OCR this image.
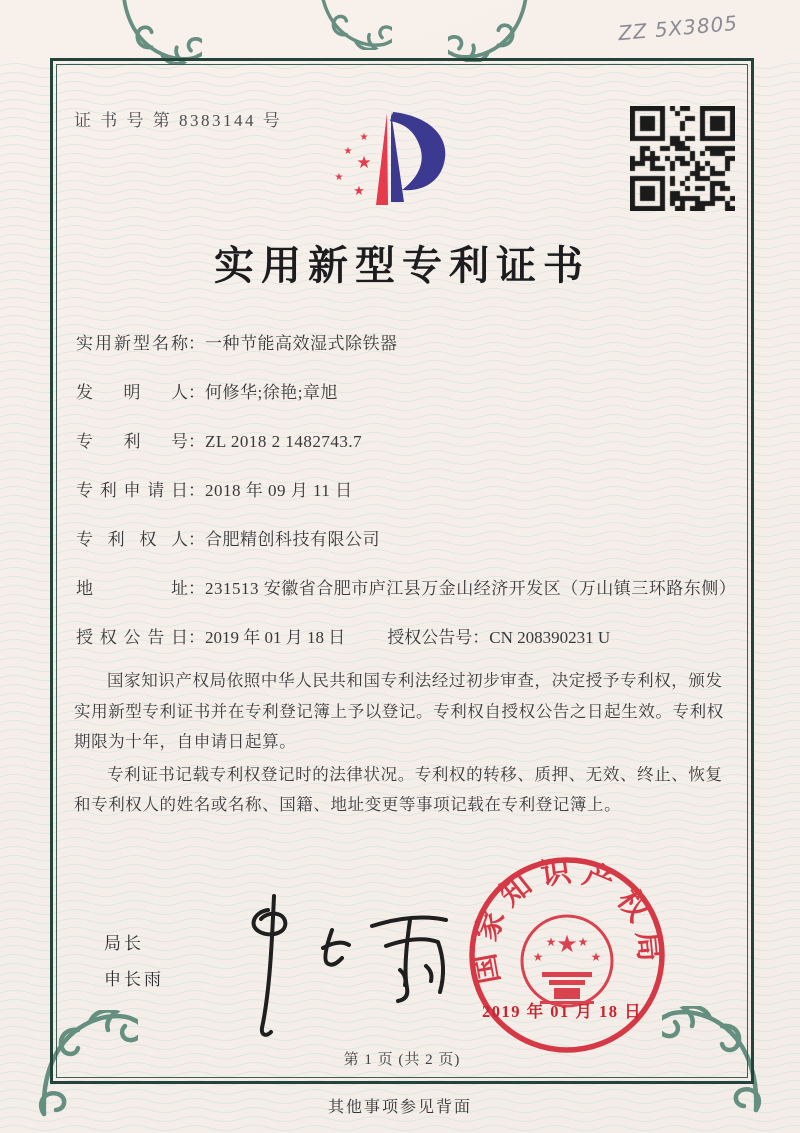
ZZ 5X3805
证 书 号 第 8383144 号
★
★
★
★
★
实用新型专利证书
实用新型名称 ： 一种节能高效湿式除铁器
发明人 ： 何修华;徐艳;章旭
专利号 ： ZL 2018 2 1482743.7
专利申请日 ： 2018 年 09 月 11 日
专利权人 ： 合肥精创科技有限公司
地址 ： 231513 安徽省合肥市庐江县万金山经济开发区（万山镇三环路东侧）
授权公告日 ： 2019 年 01 月 18 日 授权公告号 ： CN 208390231 U

国家知识产权局依照中华人民共和国专利法经过初步审查，决定授予专利权，颁发实用新型专利证书并在专利登记簿上予以登记。专利权自授权公告之日起生效。专利权期限为十年，自申请日起算。

专利证书记载专利权登记时的法律状况。专利权的转移、质押、无效、终止、恢复和专利权人的姓名或名称、国籍、地址变更等事项记载在专利登记簿上。

局长
申长雨	国家知识产权局
★
★
★ ★
★
2019 年 01 月 18 日
第 1 页 (共 2 页)
其他事项参见背面
